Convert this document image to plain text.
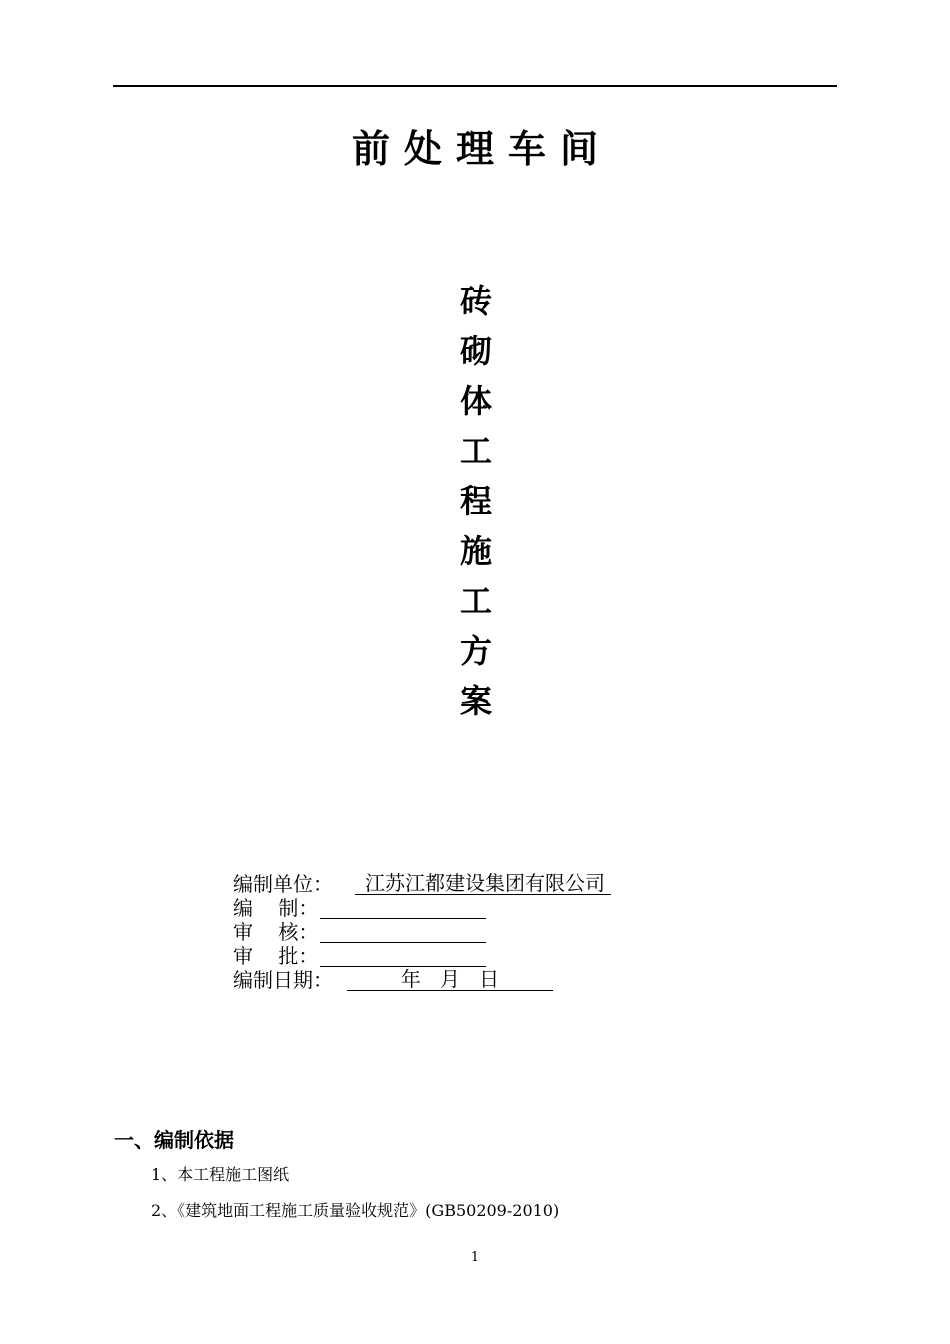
前处理车间
砖
砌
体
工
程
施
工
方
案
编制单位： 江苏江都建设集团有限公司
编    制：
审    核：
审    批：
编制日期：	年   月   日
一、编制依据
1、本工程施工图纸
2、《建筑地面工程施工质量验收规范》(GB50209-2010)
1
